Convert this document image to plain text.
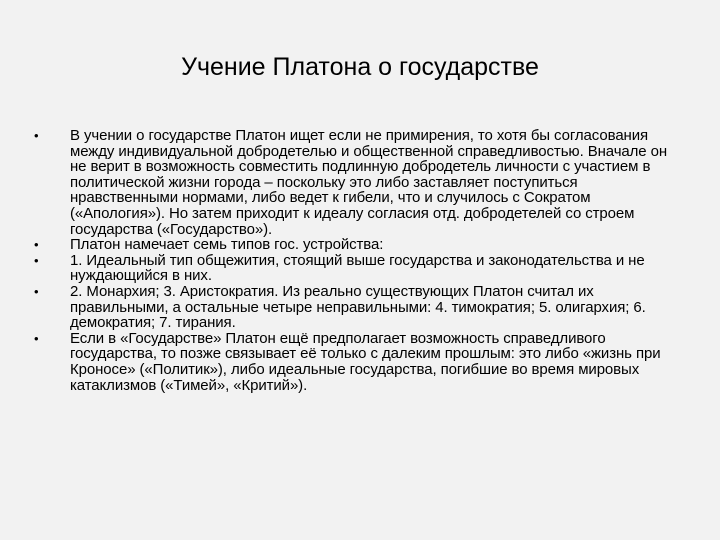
Учение Платона о государстве
•	В учении о государстве Платон ищет если не примирения, то хотя бы согласования между индивидуальной добродетелью и общественной справедливостью. Вначале он не верит в возможность совместить подлинную добродетель личности с участием в политической жизни города – поскольку это либо заставляет поступиться нравственными нормами, либо ведет к гибели, что и случилось с Сократом («Апология»). Но затем приходит к идеалу согласия отд. добродетелей со строем государства («Государство»).
•	Платон намечает семь типов гос. устройства:
•	1. Идеальный тип общежития, стоящий выше государства и законодательства и не нуждающийся в них.
•	2. Монархия; 3. Аристократия. Из реально существующих Платон считал их правильными, а остальные четыре неправильными: 4. тимократия; 5. олигархия; 6. демократия; 7. тирания.
•	Если в «Государстве» Платон ещё предполагает возможность справедливого государства, то позже связывает её только с далеким прошлым: это либо «жизнь при Кроносе» («Политик»), либо идеальные государства, погибшие во время мировых катаклизмов («Тимей», «Критий»).
